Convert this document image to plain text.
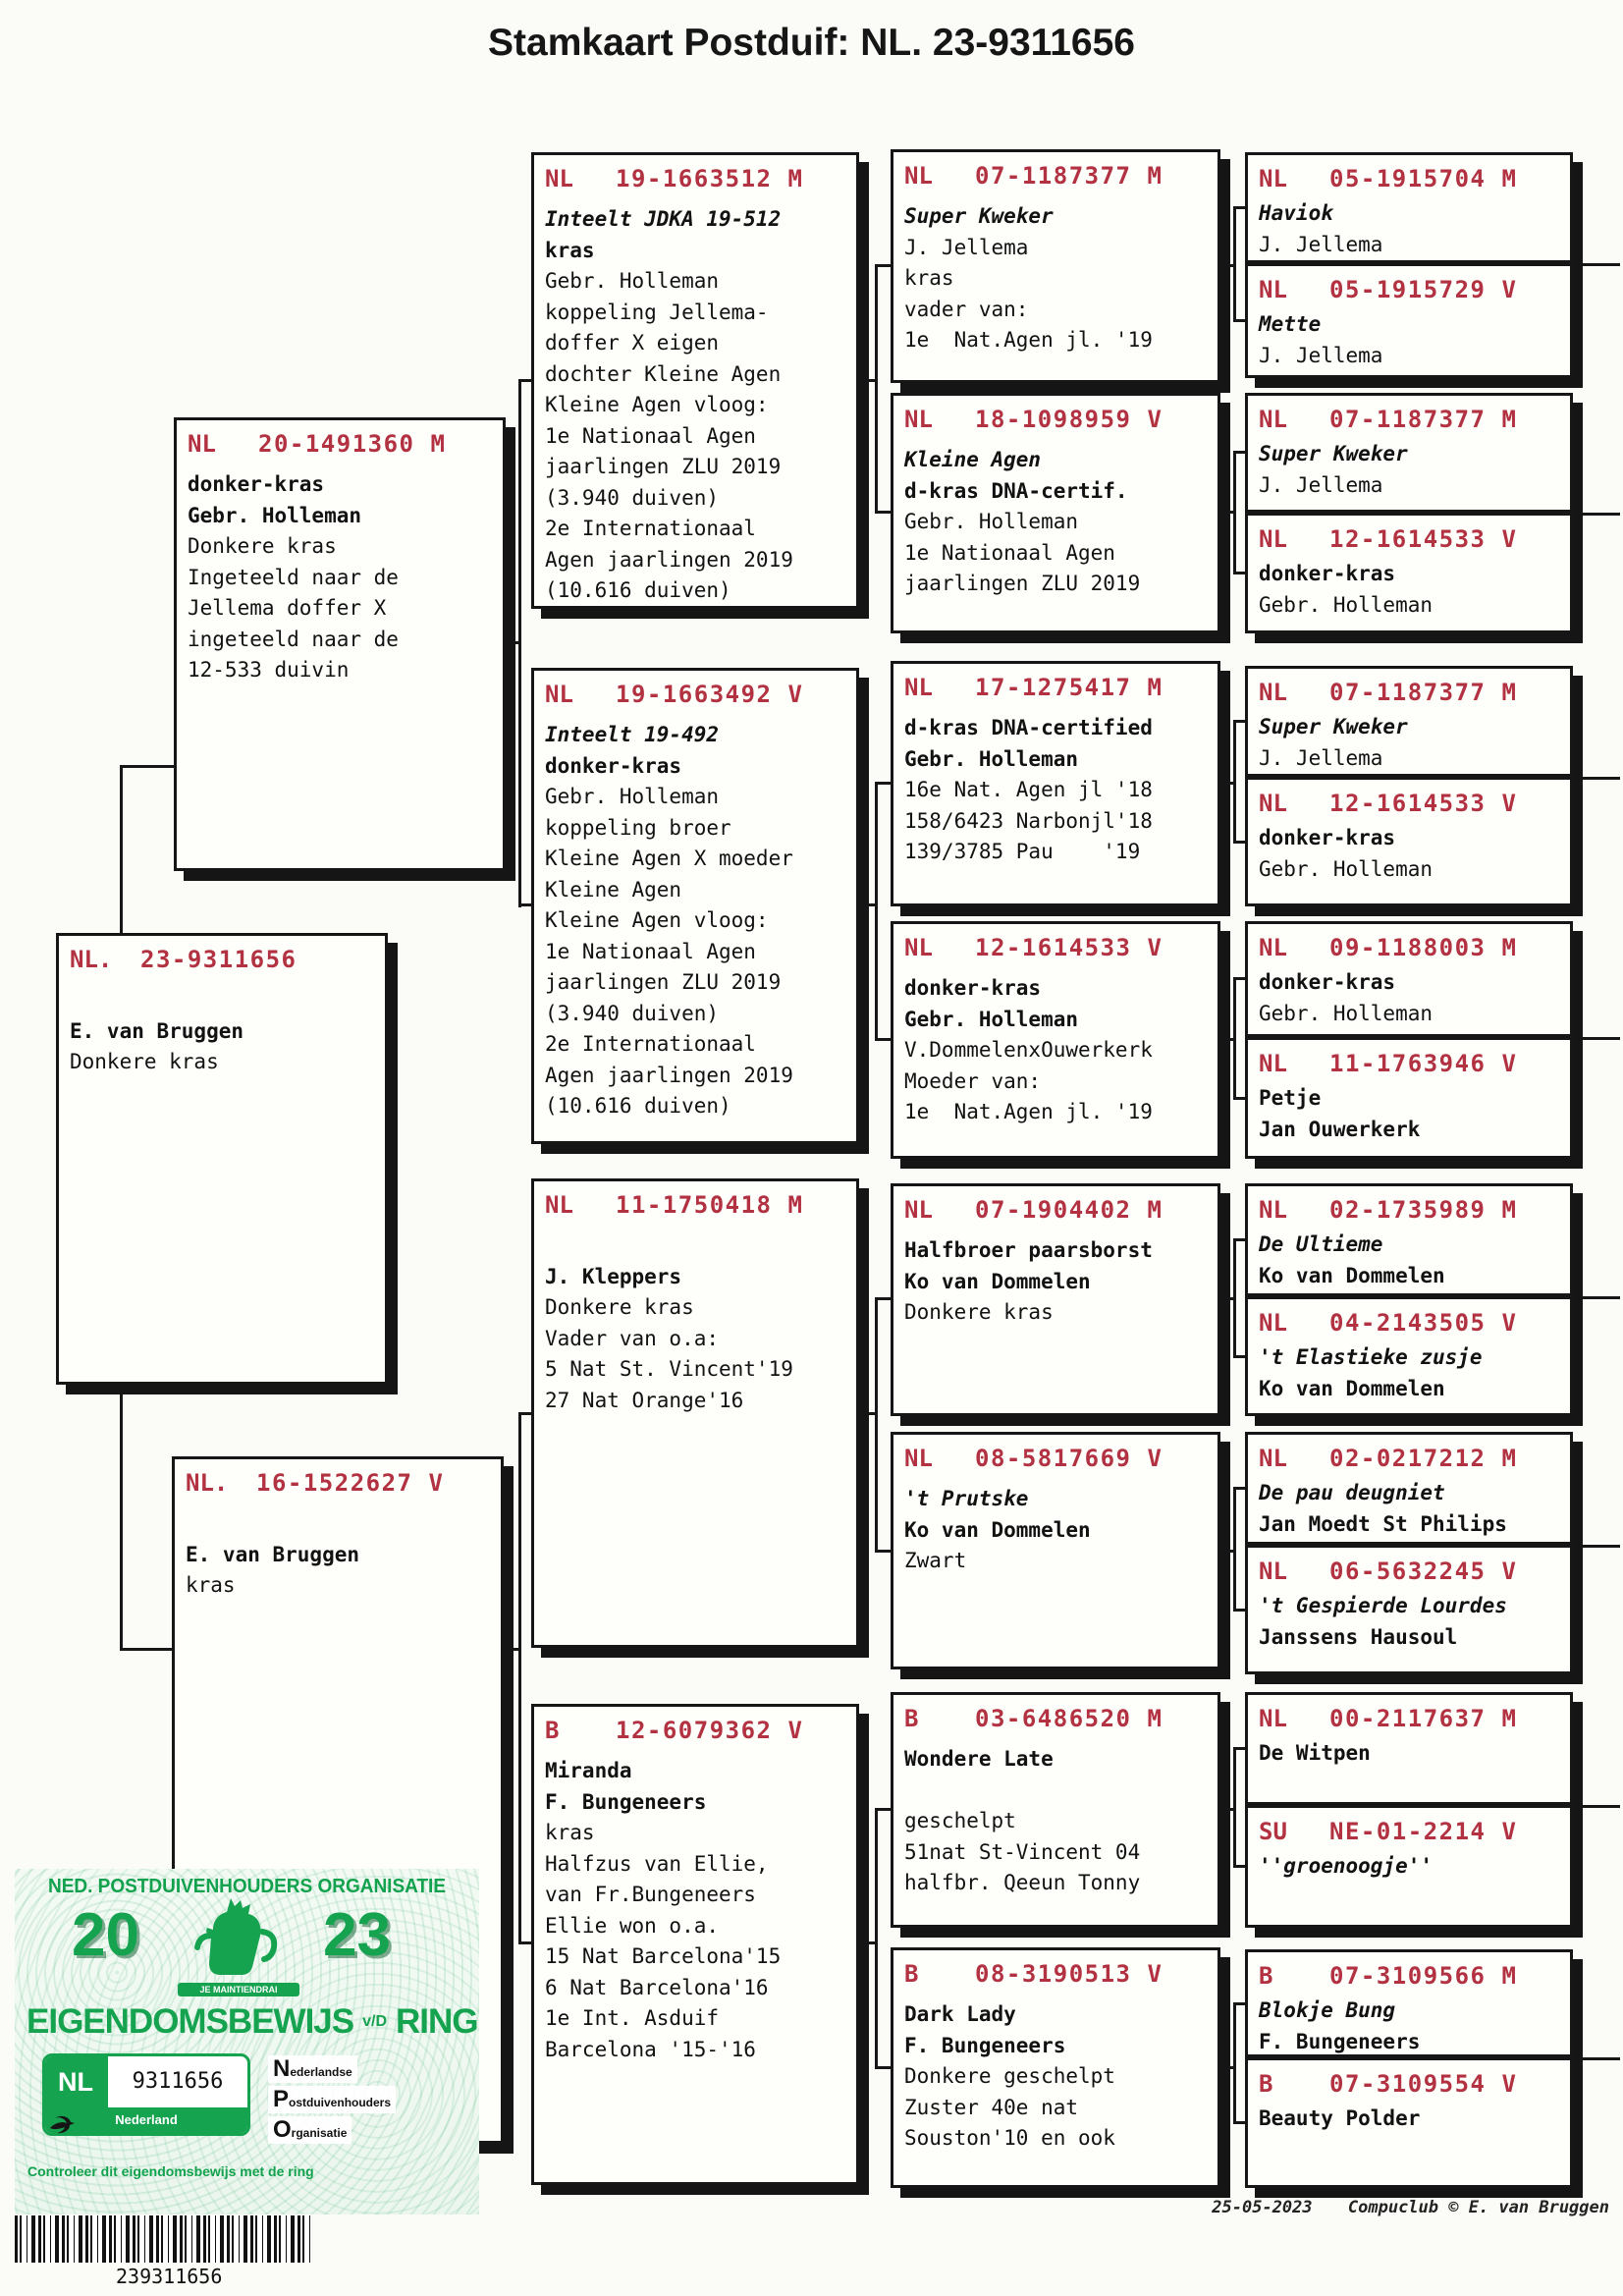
Stamkaart Postduif: NL. 23-9311656
NL.	23-9311656

E. van Bruggen
Donkere kras
NL	20-1491360 M
donker-kras
Gebr. Holleman
Donkere kras
Ingeteeld naar de
Jellema doffer X
ingeteeld naar de
12-533 duivin
NL.	16-1522627 V

E. van Bruggen
kras
NL	19-1663512 M
Inteelt JDKA 19-512
kras
Gebr. Holleman
koppeling Jellema-
doffer X eigen
dochter Kleine Agen
Kleine Agen vloog:
1e Nationaal Agen
jaarlingen ZLU 2019
(3.940 duiven)
2e Internationaal
Agen jaarlingen 2019
(10.616 duiven)
NL	19-1663492 V
Inteelt 19-492
donker-kras
Gebr. Holleman
koppeling broer
Kleine Agen X moeder
Kleine Agen
Kleine Agen vloog:
1e Nationaal Agen
jaarlingen ZLU 2019
(3.940 duiven)
2e Internationaal
Agen jaarlingen 2019
(10.616 duiven)
NL	11-1750418 M

J. Kleppers
Donkere kras
Vader van o.a:
5 Nat St. Vincent'19
27 Nat Orange'16
B	12-6079362 V
Miranda
F. Bungeneers
kras
Halfzus van Ellie,
van Fr.Bungeneers
Ellie won o.a.
15 Nat Barcelona'15
6 Nat Barcelona'16
1e Int. Asduif
Barcelona '15-'16
NL	07-1187377 M
Super Kweker
J. Jellema
kras
vader van:
1e  Nat.Agen jl. '19
NL	18-1098959 V
Kleine Agen
d-kras DNA-certif.
Gebr. Holleman
1e Nationaal Agen
jaarlingen ZLU 2019
NL	17-1275417 M
d-kras DNA-certified
Gebr. Holleman
16e Nat. Agen jl '18
158/6423 Narbonjl'18
139/3785 Pau    '19
NL	12-1614533 V
donker-kras
Gebr. Holleman
V.DommelenxOuwerkerk
Moeder van:
1e  Nat.Agen jl. '19
NL	07-1904402 M
Halfbroer paarsborst
Ko van Dommelen
Donkere kras
NL	08-5817669 V
't Prutske
Ko van Dommelen
Zwart
B	03-6486520 M
Wondere Late

geschelpt
51nat St-Vincent 04
halfbr. Qeeun Tonny
B	08-3190513 V
Dark Lady
F. Bungeneers
Donkere geschelpt
Zuster 40e nat
Souston'10 en ook
NL	05-1915704 M
Haviok
J. Jellema
NL	05-1915729 V
Mette
J. Jellema
NL	07-1187377 M
Super Kweker
J. Jellema
NL	12-1614533 V
donker-kras
Gebr. Holleman
NL	07-1187377 M
Super Kweker
J. Jellema
NL	12-1614533 V
donker-kras
Gebr. Holleman
NL	09-1188003 M
donker-kras
Gebr. Holleman
NL	11-1763946 V
Petje
Jan Ouwerkerk
NL	02-1735989 M
De Ultieme
Ko van Dommelen
NL	04-2143505 V
't Elastieke zusje
Ko van Dommelen
NL	02-0217212 M
De pau deugniet
Jan Moedt St Philips
NL	06-5632245 V
't Gespierde Lourdes
Janssens Hausoul
NL	00-2117637 M
De Witpen
SU	NE-01-2214 V
''groenoogje''
B	07-3109566 M
Blokje Bung
F. Bungeneers
B	07-3109554 V
Beauty Polder
NED. POSTDUIVENHOUDERS ORGANISATIE
20	23
JE MAINTIENDRAI
EIGENDOMSBEWIJS v/D RING
NL	9311656
Nederland
N ederlandse
P ostduivenhouders
O rganisatie
Controleer dit eigendomsbewijs met de ring
239311656
25-05-2023 Compuclub © E. van Bruggen
